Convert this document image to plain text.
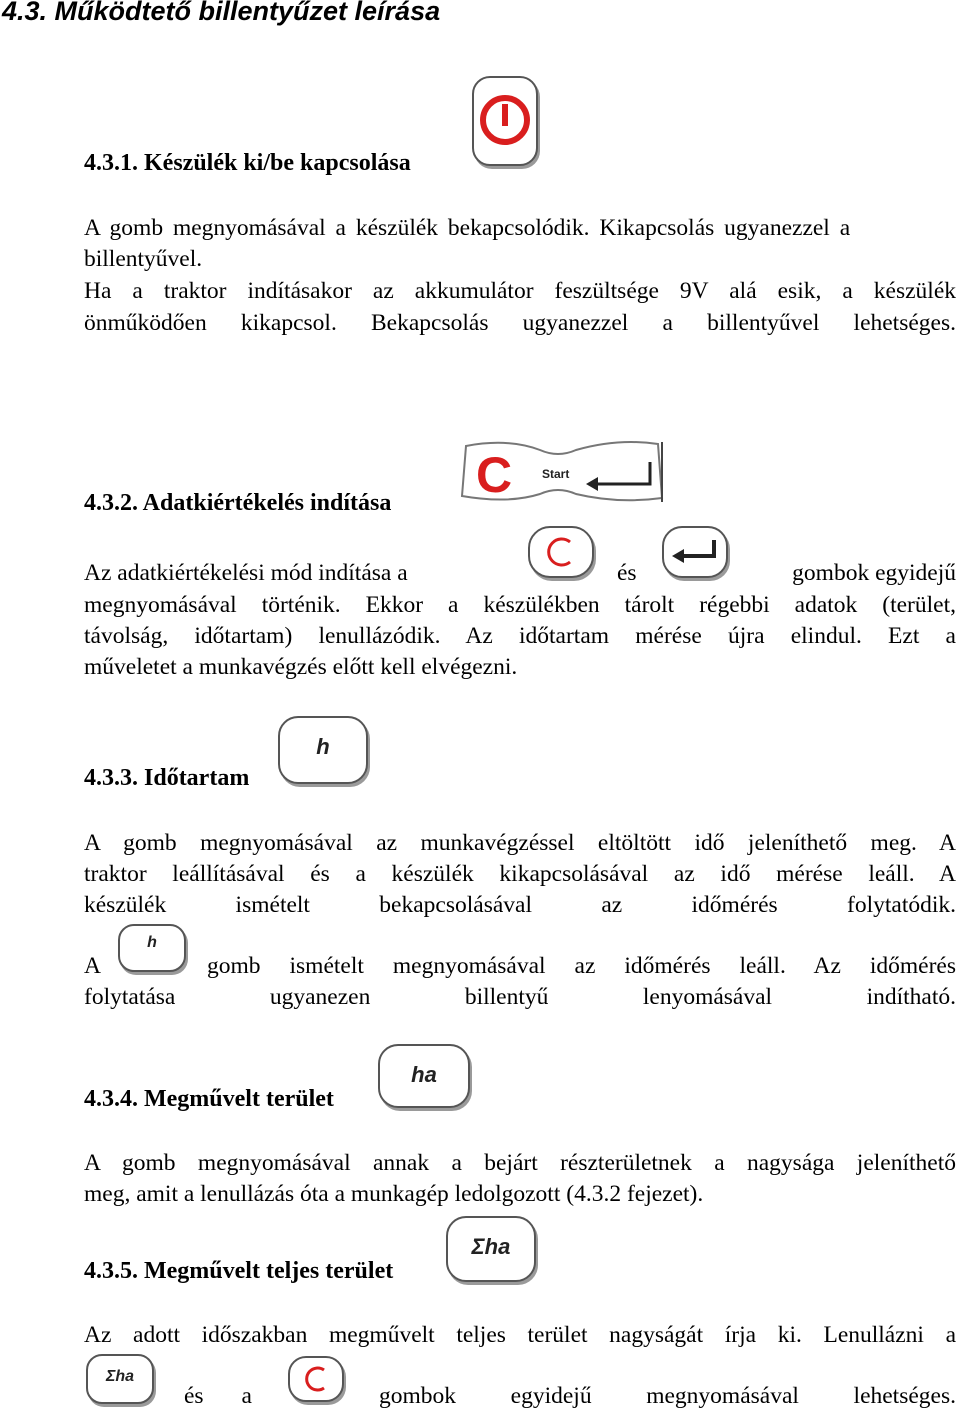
4.3. Működtető billentyűzet leírása
4.3.1. Készülék ki/be kapcsolása
A gomb megnyomásával a készülék bekapcsolódik. Kikapcsolás ugyanezzel a
billentyűvel.
Ha a traktor indításakor az akkumulátor feszültsége 9V alá esik, a készülék
önműködően kikapcsol. Bekapcsolás ugyanezzel a billentyűvel lehetséges.
4.3.2. Adatkiértékelés indítása C Start
Az adatkiértékelési mód indítása a	és	gombok egyidejű
megnyomásával történik. Ekkor a készülékben tárolt régebbi adatok (terület,
távolság, időtartam) lenullázódik. Az időtartam mérése újra elindul. Ezt a
műveletet a munkavégzés előtt kell elvégezni.
4.3.3. Időtartam
h
A gomb megnyomásával az munkavégzéssel eltöltött idő jeleníthető meg. A
traktor leállításával és a készülék kikapcsolásával az idő mérése leáll. A
készülék ismételt bekapcsolásával az időmérés folytatódik.
A
h
gomb ismételt megnyomásával az időmérés leáll. Az időmérés
folytatása ugyanezen billentyű lenyomásával indítható.
4.3.4. Megművelt terület
ha
A gomb megnyomásával annak a bejárt részterületnek a nagysága jeleníthető
meg, amit a lenullázás óta a munkagép ledolgozott (4.3.2 fejezet).
4.3.5. Megművelt teljes terület
Σha
Az adott időszakban megművelt teljes terület nagyságát írja ki. Lenullázni a
Σha
és a	gombok egyidejű megnyomásával lehetséges.
